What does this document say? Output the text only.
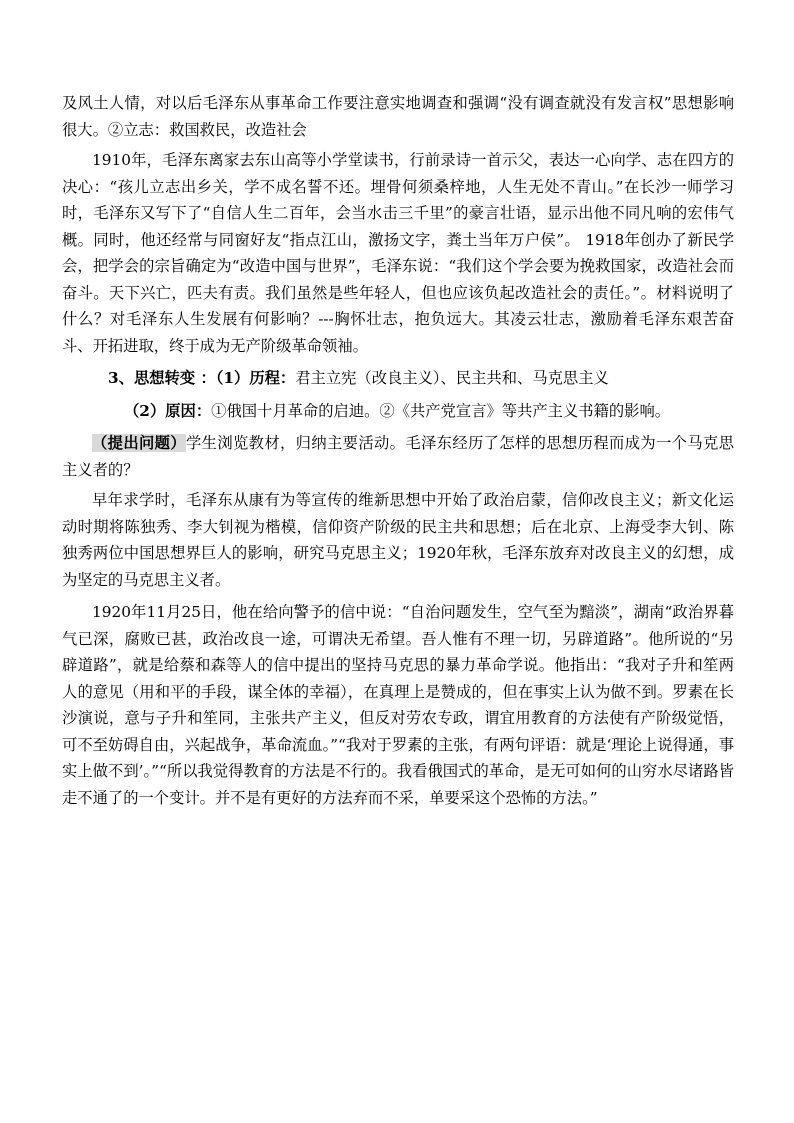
及风土人情，对以后毛泽东从事革命工作要注意实地调查和强调“没有调查就没有发言权”思想影响很大。②立志：救国救民，改造社会

1910年，毛泽东离家去东山高等小学堂读书，行前录诗一首示父，表达一心向学、志在四方的决心：“孩儿立志出乡关，学不成名誓不还。埋骨何须桑梓地，人生无处不青山。”在长沙一师学习时，毛泽东又写下了“自信人生二百年，会当水击三千里”的豪言壮语，显示出他不同凡响的宏伟气概。同时，他还经常与同窗好友“指点江山，激扬文字，粪土当年万户侯”。 1918年创办了新民学会，把学会的宗旨确定为“改造中国与世界”，毛泽东说：“我们这个学会要为挽救国家，改造社会而奋斗。天下兴亡，匹夫有责。我们虽然是些年轻人，但也应该负起改造社会的责任。”。材料说明了什么？对毛泽东人生发展有何影响？---胸怀壮志，抱负远大。其凌云壮志，激励着毛泽东艰苦奋斗、开拓进取，终于成为无产阶级革命领袖。

3、思想转变 ：（1）历程：君主立宪（改良主义）、民主共和、马克思主义

（2）原因：①俄国十月革命的启迪。②《共产党宣言》等共产主义书籍的影响。

（提出问题）学生浏览教材，归纳主要活动。毛泽东经历了怎样的思想历程而成为一个马克思主义者的？

早年求学时，毛泽东从康有为等宣传的维新思想中开始了政治启蒙，信仰改良主义；新文化运动时期将陈独秀、李大钊视为楷模，信仰资产阶级的民主共和思想；后在北京、上海受李大钊、陈独秀两位中国思想界巨人的影响，研究马克思主义；1920年秋，毛泽东放弃对改良主义的幻想，成为坚定的马克思主义者。

1920年11月25日，他在给向警予的信中说：“自治问题发生，空气至为黯淡”，湖南“政治界暮气已深，腐败已甚，政治改良一途，可谓决无希望。吾人惟有不理一切，另辟道路”。他所说的“另辟道路”，就是给蔡和森等人的信中提出的坚持马克思的暴力革命学说。他指出：“我对子升和笙两人的意见（用和平的手段，谋全体的幸福），在真理上是赞成的，但在事实上认为做不到。罗素在长沙演说，意与子升和笙同，主张共产主义，但反对劳农专政，谓宜用教育的方法使有产阶级觉悟，可不至妨碍自由，兴起战争，革命流血。”“我对于罗素的主张，有两句评语：就是‘理论上说得通，事实上做不到’。”“所以我觉得教育的方法是不行的。我看俄国式的革命，是无可如何的山穷水尽诸路皆走不通了的一个变计。并不是有更好的方法弃而不采，单要采这个恐怖的方法。”
